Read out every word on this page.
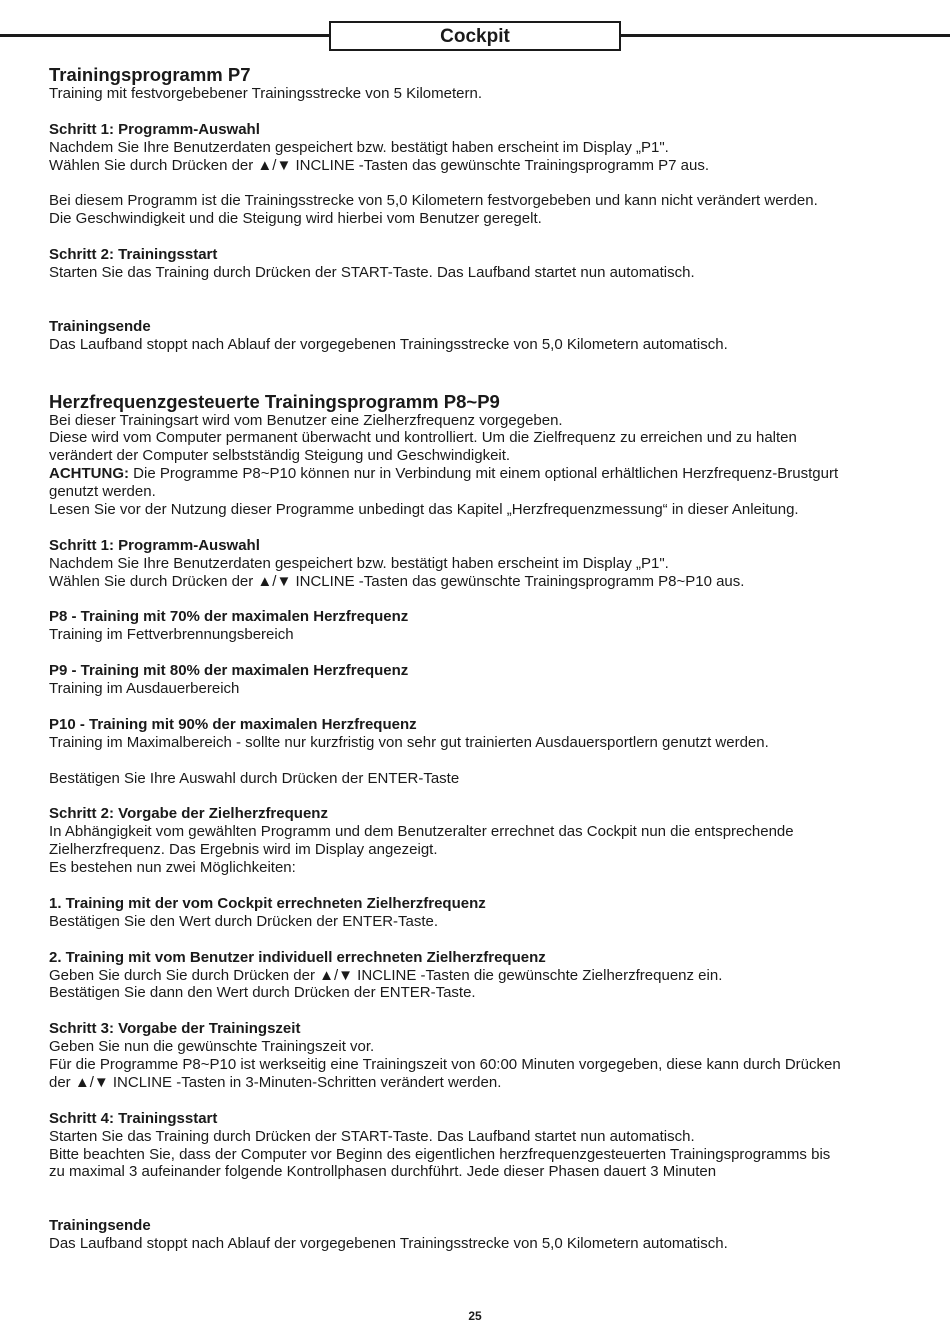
Cockpit
Trainingsprogramm P7

Training mit festvorgebebener Trainingsstrecke von 5 Kilometern.

Schritt 1: Programm-Auswahl

Nachdem Sie Ihre Benutzerdaten gespeichert bzw. bestätigt haben erscheint im Display „P1".

Wählen Sie durch Drücken der ▲/▼ INCLINE -Tasten das gewünschte Trainingsprogramm P7 aus.

Bei diesem Programm ist die Trainingsstrecke von 5,0 Kilometern festvorgebeben und kann nicht verändert werden.

Die Geschwindigkeit und die Steigung wird hierbei vom Benutzer geregelt.

Schritt 2: Trainingsstart

Starten Sie das Training durch Drücken der START-Taste. Das Laufband startet nun automatisch.

Trainingsende

Das Laufband stoppt nach Ablauf der vorgegebenen Trainingsstrecke von 5,0 Kilometern automatisch.

Herzfrequenzgesteuerte Trainingsprogramm P8~P9

Bei dieser Trainingsart wird vom Benutzer eine Zielherzfrequenz vorgegeben.

Diese wird vom Computer permanent überwacht und kontrolliert. Um die Zielfrequenz zu erreichen und zu halten

verändert der Computer selbstständig Steigung und Geschwindigkeit.

ACHTUNG: Die Programme P8~P10 können nur in Verbindung mit einem optional erhältlichen Herzfrequenz-Brustgurt

genutzt werden.

Lesen Sie vor der Nutzung dieser Programme unbedingt das Kapitel „Herzfrequenzmessung“ in dieser Anleitung.

Schritt 1: Programm-Auswahl

Nachdem Sie Ihre Benutzerdaten gespeichert bzw. bestätigt haben erscheint im Display „P1".

Wählen Sie durch Drücken der ▲/▼ INCLINE -Tasten das gewünschte Trainingsprogramm P8~P10 aus.

P8 - Training mit 70% der maximalen Herzfrequenz

Training im Fettverbrennungsbereich

P9 - Training mit 80% der maximalen Herzfrequenz

Training im Ausdauerbereich

P10 - Training mit 90% der maximalen Herzfrequenz

Training im Maximalbereich - sollte nur kurzfristig von sehr gut trainierten Ausdauersportlern genutzt werden.

Bestätigen Sie Ihre Auswahl durch Drücken der ENTER-Taste

Schritt 2: Vorgabe der Zielherzfrequenz

In Abhängigkeit vom gewählten Programm und dem Benutzeralter errechnet das Cockpit nun die entsprechende

Zielherzfrequenz. Das Ergebnis wird im Display angezeigt.

Es bestehen nun zwei Möglichkeiten:

1. Training mit der vom Cockpit errechneten Zielherzfrequenz

Bestätigen Sie den Wert durch Drücken der ENTER-Taste.

2. Training mit vom Benutzer individuell errechneten Zielherzfrequenz

Geben Sie durch Sie durch Drücken der ▲/▼ INCLINE -Tasten die gewünschte Zielherzfrequenz ein.

Bestätigen Sie dann den Wert durch Drücken der ENTER-Taste.

Schritt 3: Vorgabe der Trainingszeit

Geben Sie nun die gewünschte Trainingszeit vor.

Für die Programme P8~P10 ist werkseitig eine Trainingszeit von 60:00 Minuten vorgegeben, diese kann durch Drücken

der ▲/▼ INCLINE -Tasten in 3-Minuten-Schritten verändert werden.

Schritt 4: Trainingsstart

Starten Sie das Training durch Drücken der START-Taste. Das Laufband startet nun automatisch.

Bitte beachten Sie, dass der Computer vor Beginn des eigentlichen herzfrequenzgesteuerten Trainingsprogramms bis

zu maximal 3 aufeinander folgende Kontrollphasen durchführt. Jede dieser Phasen dauert 3 Minuten

Trainingsende

Das Laufband stoppt nach Ablauf der vorgegebenen Trainingsstrecke von 5,0 Kilometern automatisch.

25
